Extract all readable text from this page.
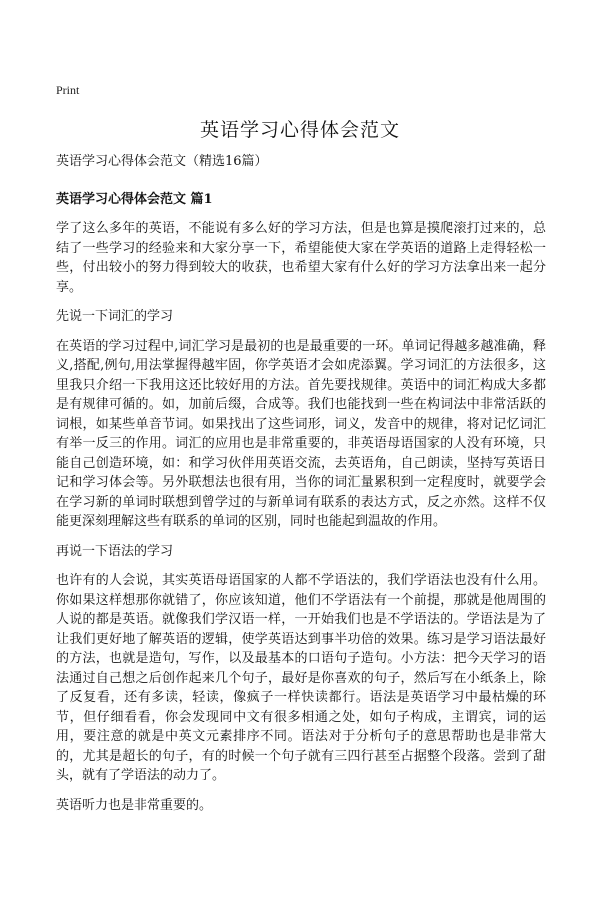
Print
英语学习心得体会范文

英语学习心得体会范文（精选16篇）

英语学习心得体会范文 篇1

学了这么多年的英语，不能说有多么好的学习方法，但是也算是摸爬滚打过来的，总结了一些学习的经验来和大家分享一下，希望能使大家在学英语的道路上走得轻松一些，付出较小的努力得到较大的收获，也希望大家有什么好的学习方法拿出来一起分享。

先说一下词汇的学习

在英语的学习过程中,词汇学习是最初的也是最重要的一环。单词记得越多越准确，释义,搭配,例句,用法掌握得越牢固，你学英语才会如虎添翼。学习词汇的方法很多，这里我只介绍一下我用这还比较好用的方法。首先要找规律。英语中的词汇构成大多都是有规律可循的。如，加前后缀，合成等。我们也能找到一些在构词法中非常活跃的词根，如某些单音节词。如果找出了这些词形，词义，发音中的规律，将对记忆词汇有举一反三的作用。词汇的应用也是非常重要的，非英语母语国家的人没有环境，只能自己创造环境，如：和学习伙伴用英语交流，去英语角，自己朗读，坚持写英语日记和学习体会等。另外联想法也很有用，当你的词汇量累积到一定程度时，就要学会在学习新的单词时联想到曾学过的与新单词有联系的表达方式，反之亦然。这样不仅能更深刻理解这些有联系的单词的区别，同时也能起到温故的作用。

再说一下语法的学习

也许有的人会说，其实英语母语国家的人都不学语法的，我们学语法也没有什么用。你如果这样想那你就错了，你应该知道，他们不学语法有一个前提，那就是他周围的人说的都是英语。就像我们学汉语一样，一开始我们也是不学语法的。学语法是为了让我们更好地了解英语的逻辑，使学英语达到事半功倍的效果。练习是学习语法最好的方法，也就是造句，写作，以及最基本的口语句子造句。小方法：把今天学习的语法通过自己想之后创作起来几个句子，最好是你喜欢的句子，然后写在小纸条上，除了反复看，还有多读，轻读，像疯子一样快读都行。语法是英语学习中最枯燥的环节，但仔细看看，你会发现同中文有很多相通之处，如句子构成，主谓宾，词的运用，要注意的就是中英文元素排序不同。语法对于分析句子的意思帮助也是非常大的，尤其是超长的句子，有的时候一个句子就有三四行甚至占据整个段落。尝到了甜头，就有了学语法的动力了。

英语听力也是非常重要的。
